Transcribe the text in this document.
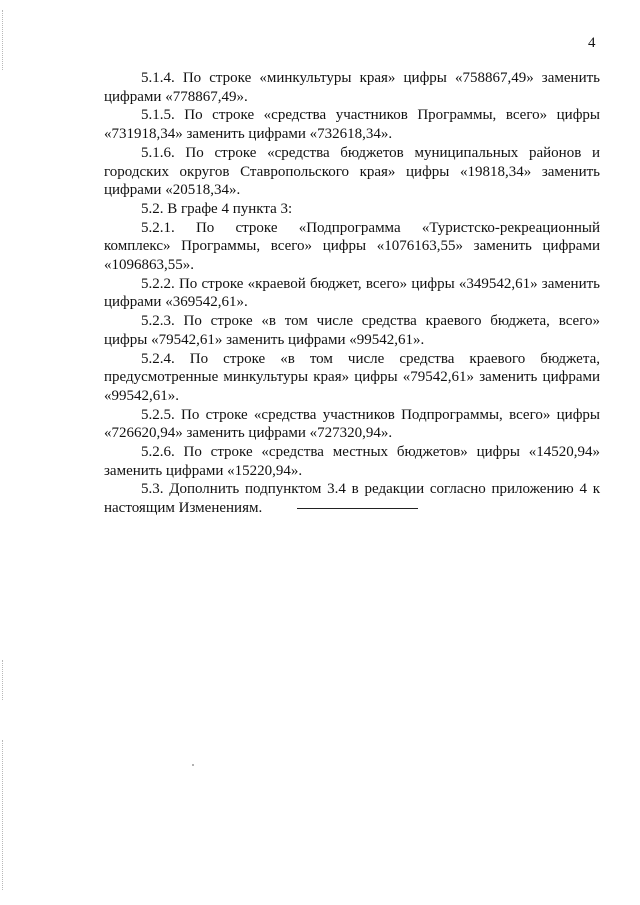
4

5.1.4. По строке «минкультуры края» цифры «758867,49» заменить цифрами «778867,49».

5.1.5. По строке «средства участников Программы, всего» цифры «731918,34» заменить цифрами «732618,34».

5.1.6. По строке «средства бюджетов муниципальных районов и городских округов Ставропольского края» цифры «19818,34» заменить цифрами «20518,34».

5.2. В графе 4 пункта 3:

5.2.1. По строке «Подпрограмма «Туристско-рекреационный комплекс» Программы, всего» цифры «1076163,55» заменить цифрами «1096863,55».

5.2.2. По строке «краевой бюджет, всего» цифры «349542,61» заменить цифрами «369542,61».

5.2.3. По строке «в том числе средства краевого бюджета, всего» цифры «79542,61» заменить цифрами «99542,61».

5.2.4. По строке «в том числе средства краевого бюджета, предусмотренные минкультуры края» цифры «79542,61» заменить цифрами «99542,61».

5.2.5. По строке «средства участников Подпрограммы, всего» цифры «726620,94» заменить цифрами «727320,94».

5.2.6. По строке «средства местных бюджетов» цифры «14520,94» заменить цифрами «15220,94».

5.3. Дополнить подпунктом 3.4 в редакции согласно приложению 4 к настоящим Изменениям.
